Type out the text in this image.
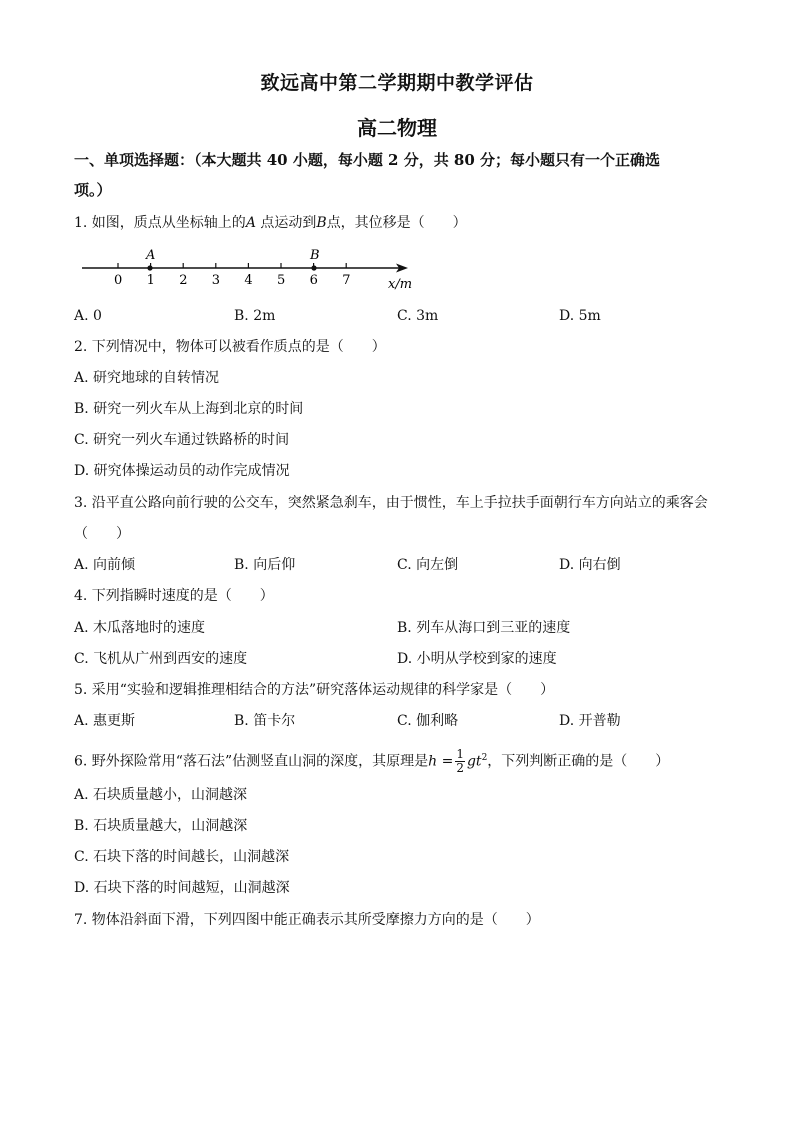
致远高中第二学期期中教学评估
高二物理
一、单项选择题：（本大题共 40 小题，每小题 2 分，共 80 分；每小题只有一个正确选
项。）
1. 如图，质点从坐标轴上的A 点运动到B点，其位移是（　　）
0 1 2 3 4 5 6 7
A	B
x/m
A. 0	B. 2m	C. 3m	D. 5m
2. 下列情况中，物体可以被看作质点的是（　　）
A. 研究地球的自转情况
B. 研究一列火车从上海到北京的时间
C. 研究一列火车通过铁路桥的时间
D. 研究体操运动员的动作完成情况
3. 沿平直公路向前行驶的公交车，突然紧急刹车，由于惯性，车上手拉扶手面朝行车方向站立的乘客会
（　　）
A. 向前倾	B. 向后仰	C. 向左倒	D. 向右倒
4. 下列指瞬时速度的是（　　）
A. 木瓜落地时的速度	B. 列车从海口到三亚的速度
C. 飞机从广州到西安的速度	D. 小明从学校到家的速度
5. 采用“实验和逻辑推理相结合的方法”研究落体运动规律的科学家是（　　）
A. 惠更斯	B. 笛卡尔	C. 伽利略	D. 开普勒
6. 野外探险常用“落石法”估测竖直山洞的深度，其原理是$h = \frac{1}{2} gt^2$，下列判断正确的是（　　）
A. 石块质量越小，山洞越深
B. 石块质量越大，山洞越深
C. 石块下落的时间越长，山洞越深
D. 石块下落的时间越短，山洞越深
7. 物体沿斜面下滑，下列四图中能正确表示其所受摩擦力方向的是（　　）
